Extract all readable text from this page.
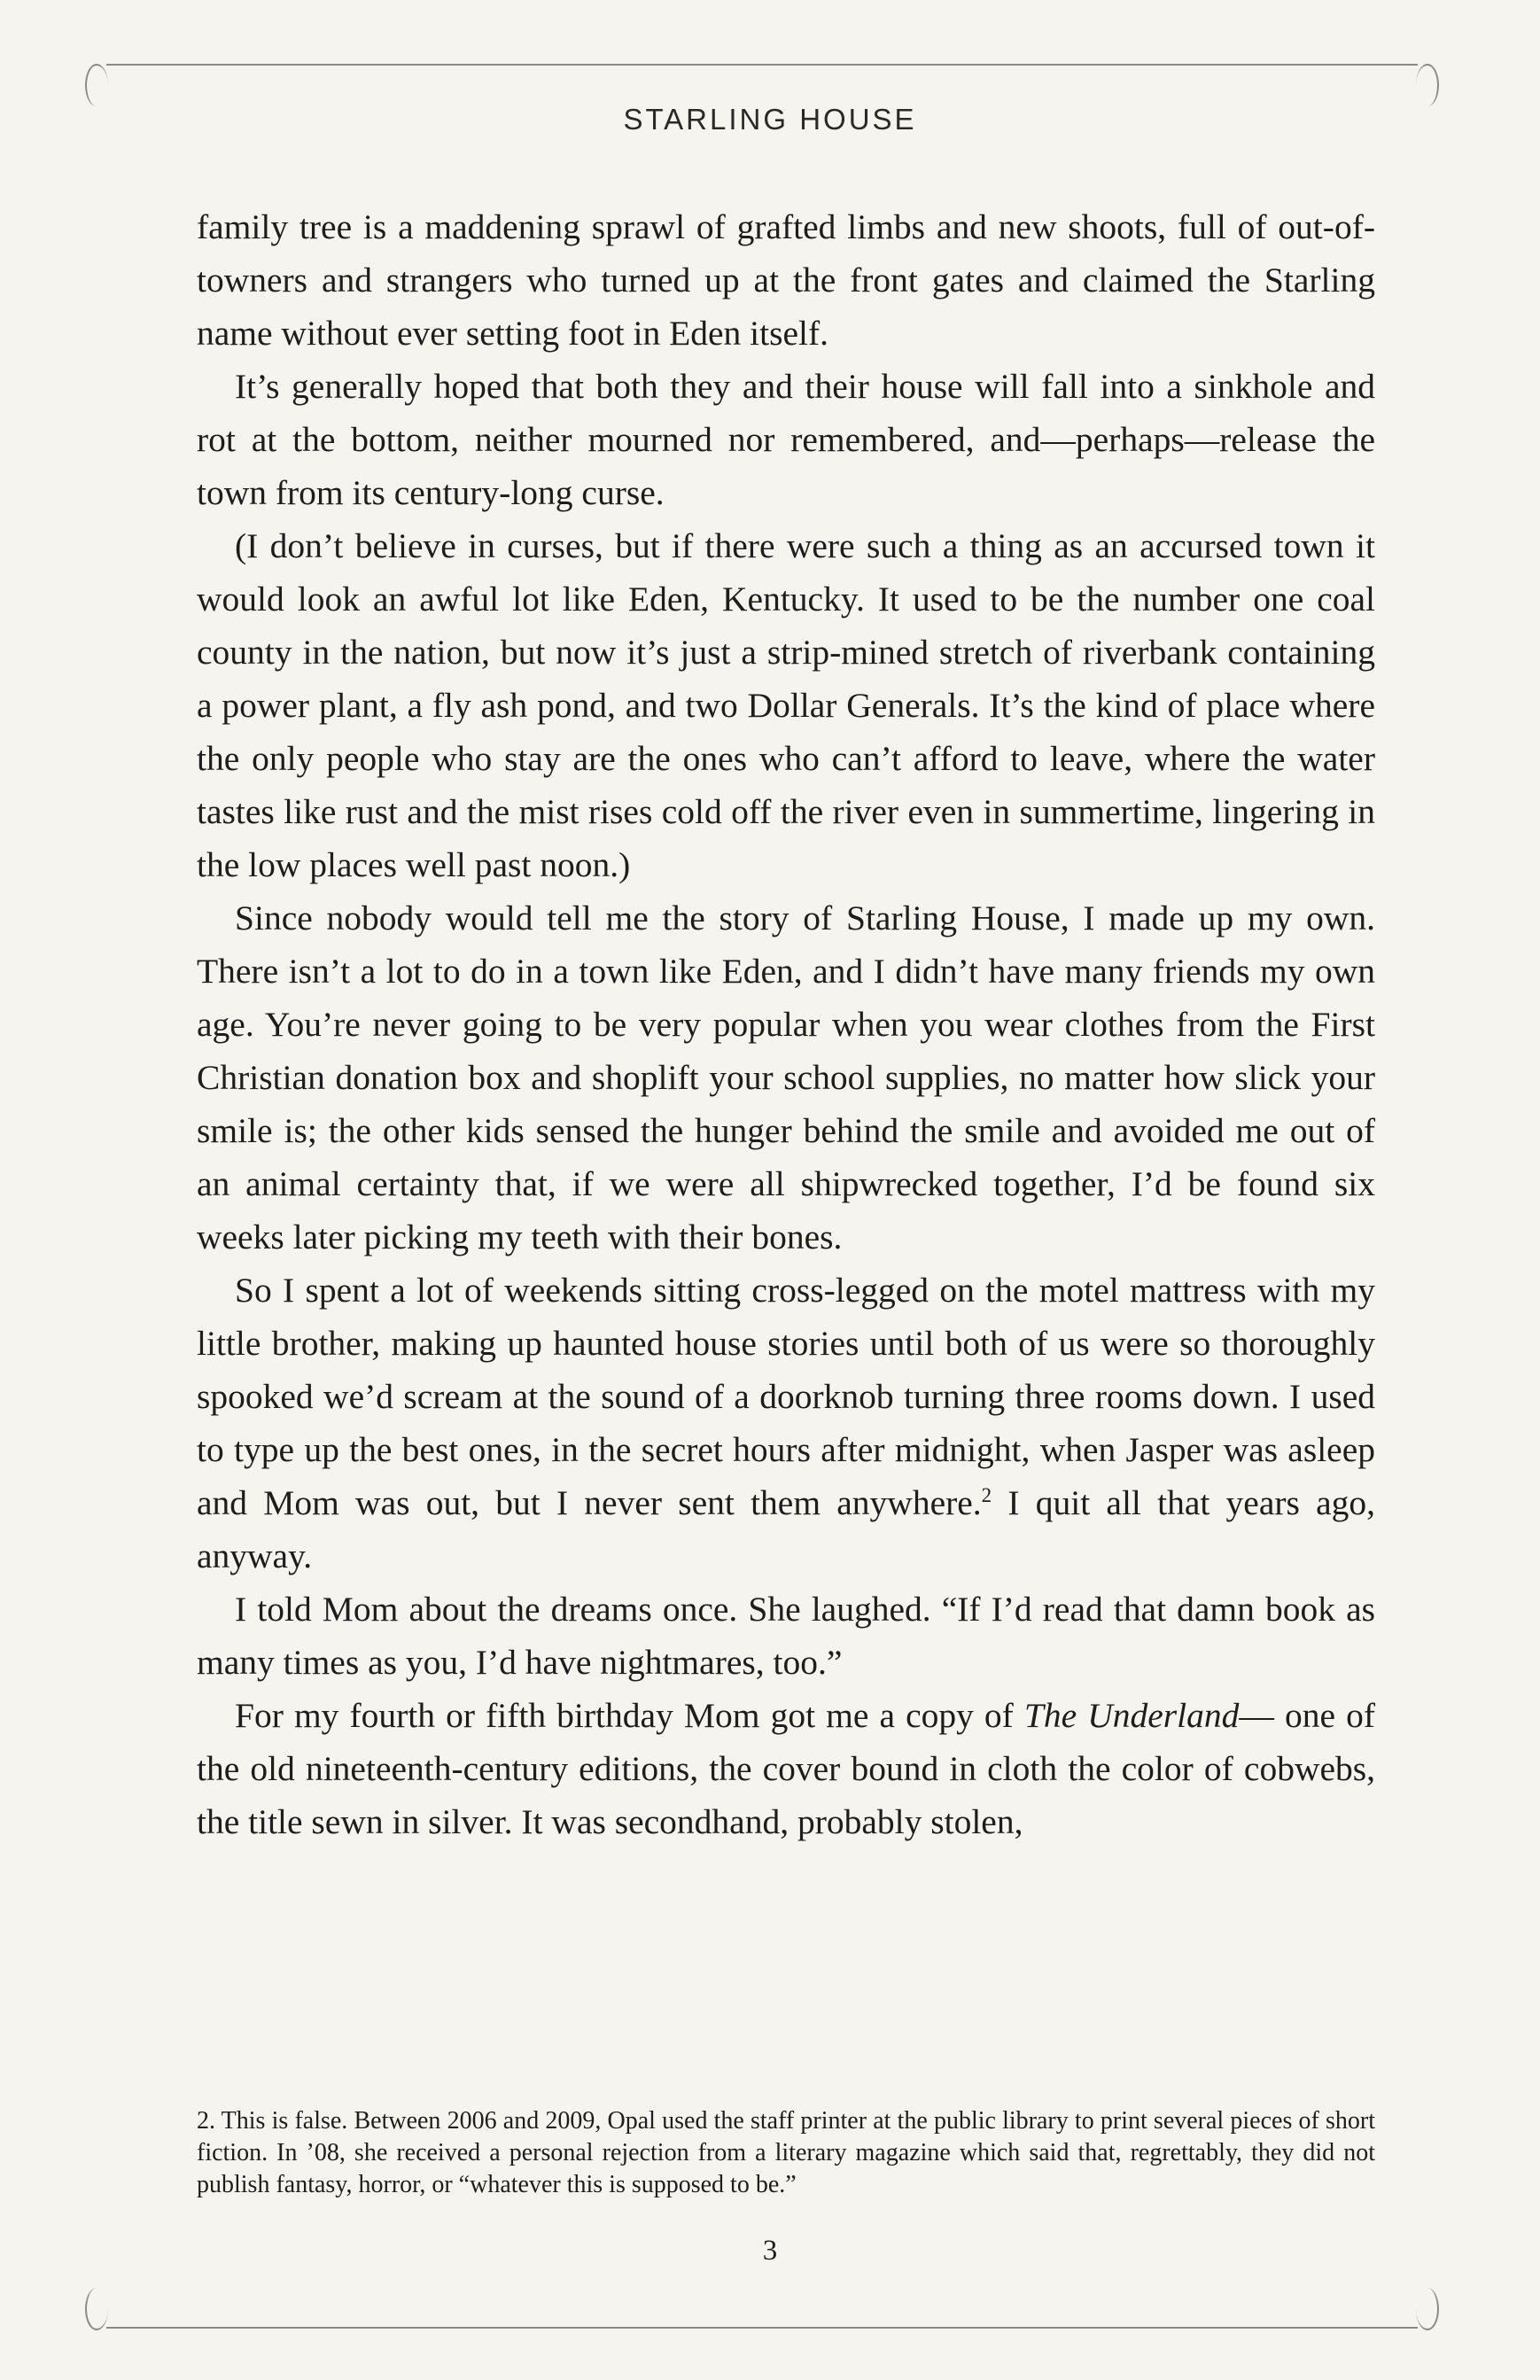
STARLING HOUSE

family tree is a maddening sprawl of grafted limbs and new shoots, full of out-of-towners and strangers who turned up at the front gates and claimed the Starling name without ever setting foot in Eden itself.

It’s generally hoped that both they and their house will fall into a sinkhole and rot at the bottom, neither mourned nor remembered, and—perhaps—release the town from its century-long curse.

(I don’t believe in curses, but if there were such a thing as an accursed town it would look an awful lot like Eden, Kentucky. It used to be the number one coal county in the nation, but now it’s just a strip-mined stretch of riverbank containing a power plant, a fly ash pond, and two Dollar Generals. It’s the kind of place where the only people who stay are the ones who can’t afford to leave, where the water tastes like rust and the mist rises cold off the river even in summertime, lingering in the low places well past noon.)

Since nobody would tell me the story of Starling House, I made up my own. There isn’t a lot to do in a town like Eden, and I didn’t have many friends my own age. You’re never going to be very popular when you wear clothes from the First Christian donation box and shoplift your school supplies, no matter how slick your smile is; the other kids sensed the hunger behind the smile and avoided me out of an animal certainty that, if we were all shipwrecked together, I’d be found six weeks later picking my teeth with their bones.

So I spent a lot of weekends sitting cross-legged on the motel mattress with my little brother, making up haunted house stories until both of us were so thoroughly spooked we’d scream at the sound of a doorknob turning three rooms down. I used to type up the best ones, in the secret hours after midnight, when Jasper was asleep and Mom was out, but I never sent them anywhere.$^2$ I quit all that years ago, anyway.

I told Mom about the dreams once. She laughed. “If I’d read that damn book as many times as you, I’d have nightmares, too.”

For my fourth or fifth birthday Mom got me a copy of The Underland— one of the old nineteenth-century editions, the cover bound in cloth the color of cobwebs, the title sewn in silver. It was secondhand, probably stolen,

2. This is false. Between 2006 and 2009, Opal used the staff printer at the public library to print several pieces of short fiction. In ’08, she received a personal rejection from a literary magazine which said that, regrettably, they did not publish fantasy, horror, or “whatever this is supposed to be.”

3
